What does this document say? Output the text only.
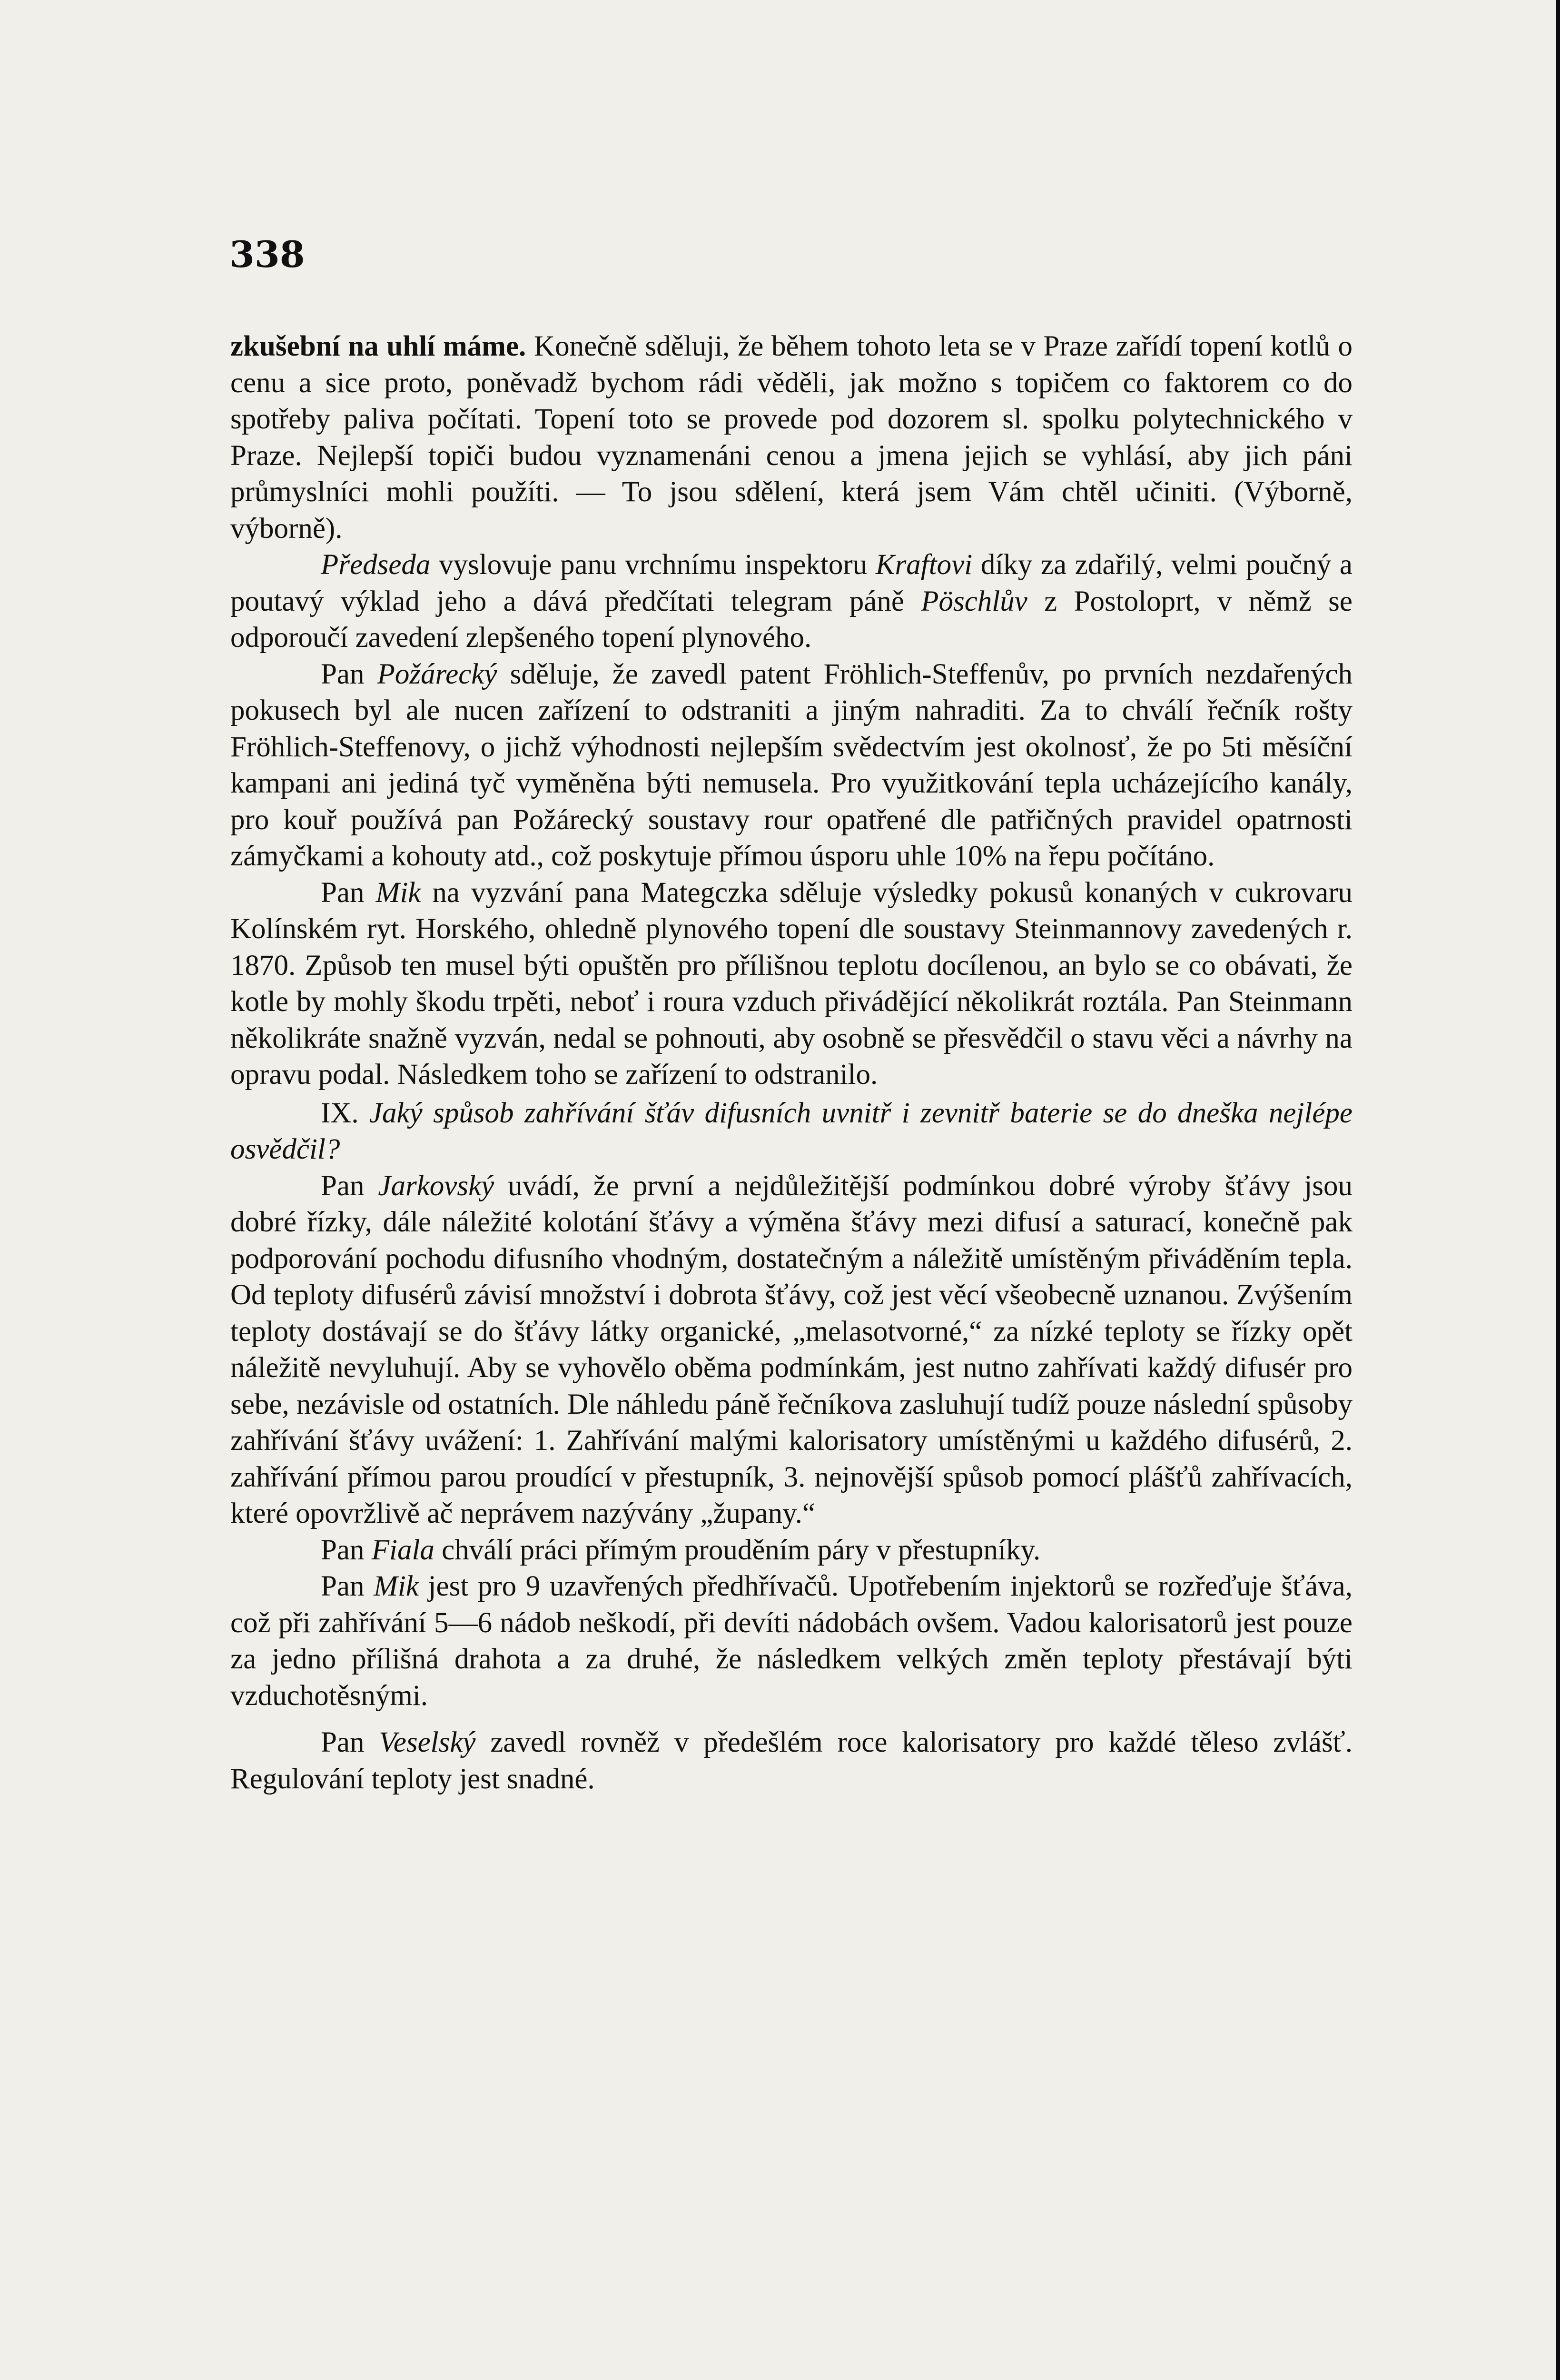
338

zkušební na uhlí máme. Konečně sděluji, že během tohoto leta se v Praze zařídí topení kotlů o cenu a sice proto, poněvadž bychom rádi věděli, jak možno s topičem co faktorem co do spotřeby paliva počítati. Topení toto se provede pod dozorem sl. spolku polytechnického v Praze. Nejlepší topiči budou vyznamenáni cenou a jmena jejich se vyhlásí, aby jich páni průmyslníci mohli použíti. — To jsou sdělení, která jsem Vám chtěl učiniti. (Výborně, výborně).

Předseda vyslovuje panu vrchnímu inspektoru Kraftovi díky za zdařilý, velmi poučný a poutavý výklad jeho a dává předčítati telegram páně Pöschlův z Postoloprt, v němž se odporoučí zavedení zlepšeného topení plynového.

Pan Požárecký sděluje, že zavedl patent Fröhlich-Steffenův, po prvních nezdařených pokusech byl ale nucen zařízení to odstraniti a jiným nahraditi. Za to chválí řečník rošty Fröhlich-Steffenovy, o jichž výhodnosti nejlepším svědectvím jest okolnosť, že po 5ti měsíční kampani ani jediná tyč vyměněna býti nemusela. Pro využitkování tepla ucházejícího kanály, pro kouř používá pan Požárecký soustavy rour opatřené dle patřičných pravidel opatrnosti zámyčkami a kohouty atd., což poskytuje přímou úsporu uhle 10% na řepu počítáno.

Pan Mik na vyzvání pana Mategczka sděluje výsledky pokusů konaných v cukrovaru Kolínském ryt. Horského, ohledně plynového topení dle soustavy Steinmannovy zavedených r. 1870. Způsob ten musel býti opuštěn pro přílišnou teplotu docílenou, an bylo se co obávati, že kotle by mohly škodu trpěti, neboť i roura vzduch přivádějící několikrát roztála. Pan Steinmann několikráte snažně vyzván, nedal se pohnouti, aby osobně se přesvědčil o stavu věci a návrhy na opravu podal. Následkem toho se zařízení to odstranilo.

IX. Jaký spůsob zahřívání šťáv difusních uvnitř i zevnitř baterie se do dneška nejlépe osvědčil?

Pan Jarkovský uvádí, že první a nejdůležitější podmínkou dobré výroby šťávy jsou dobré řízky, dále náležité kolotání šťávy a výměna šťávy mezi difusí a saturací, konečně pak podporování pochodu difusního vhodným, dostatečným a náležitě umístěným přiváděním tepla. Od teploty difusérů závisí množství i dobrota šťávy, což jest věcí všeobecně uznanou. Zvýšením teploty dostávají se do šťávy látky organické, „melasotvorné,“ za nízké teploty se řízky opět náležitě nevyluhují. Aby se vyhovělo oběma podmínkám, jest nutno zahřívati každý difusér pro sebe, nezávisle od ostatních. Dle náhledu páně řečníkova zasluhují tudíž pouze následní spůsoby zahřívání šťávy uvážení: 1. Zahřívání malými kalorisatory umístěnými u každého difusérů, 2. zahřívání přímou parou proudící v přestupník, 3. nejnovější spůsob pomocí plášťů zahřívacích, které opovržlivě ač neprávem nazývány „župany.“

Pan Fiala chválí práci přímým prouděním páry v přestupníky.

Pan Mik jest pro 9 uzavřených předhřívačů. Upotřebením injektorů se rozřeďuje šťáva, což při zahřívání 5—6 nádob neškodí, při devíti nádobách ovšem. Vadou kalorisatorů jest pouze za jedno přílišná drahota a za druhé, že následkem velkých změn teploty přestávají býti vzduchotěsnými.

Pan Veselský zavedl rovněž v předešlém roce kalorisatory pro každé těleso zvlášť. Regulování teploty jest snadné.
